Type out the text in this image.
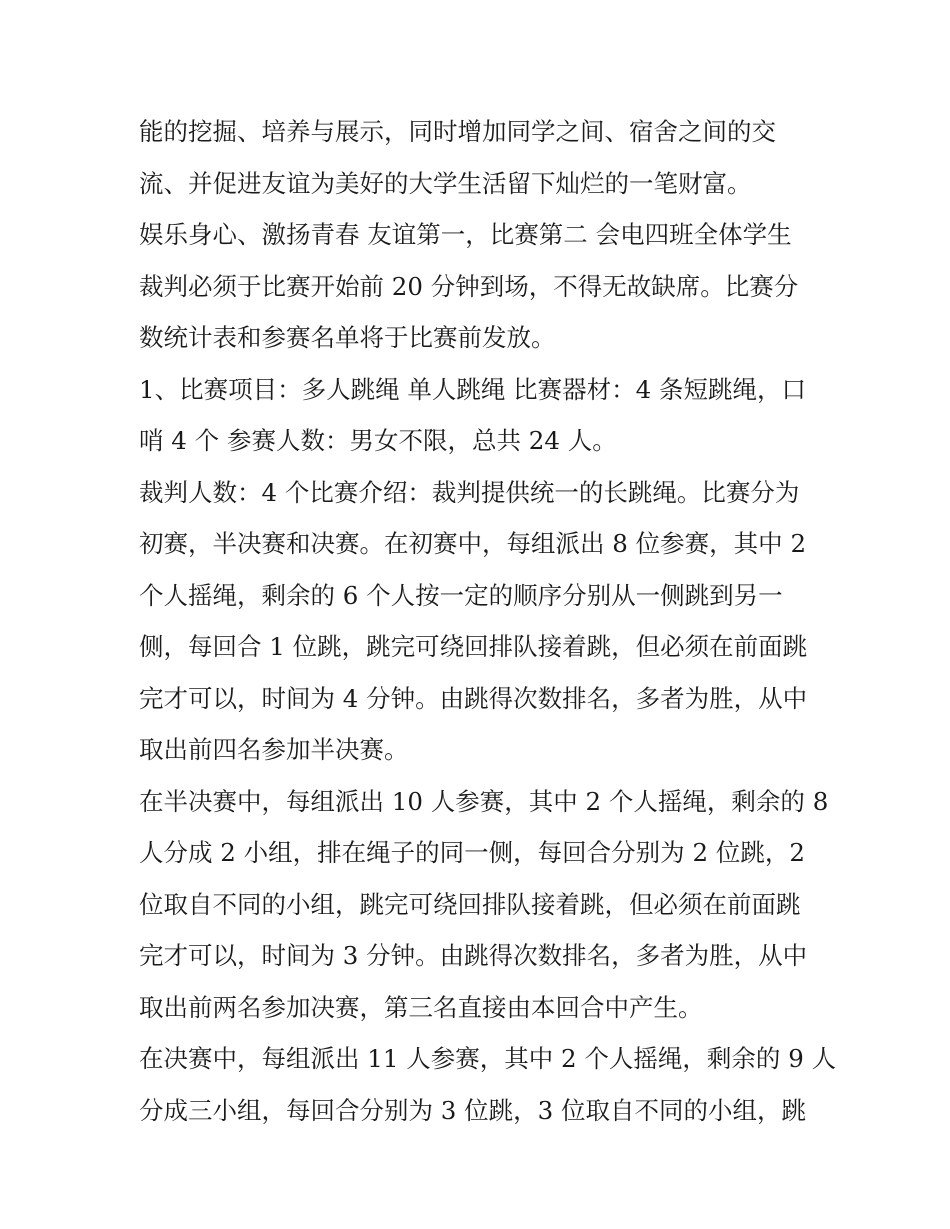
能的挖掘、培养与展示，同时增加同学之间、宿舍之间的交

流、并促进友谊为美好的大学生活留下灿烂的一笔财富。

娱乐身心、激扬青春 友谊第一，比赛第二 会电四班全体学生

裁判必须于比赛开始前 20 分钟到场，不得无故缺席。比赛分

数统计表和参赛名单将于比赛前发放。

1、比赛项目：多人跳绳 单人跳绳 比赛器材：4 条短跳绳，口

哨 4 个 参赛人数：男女不限，总共 24 人。

裁判人数：4 个比赛介绍：裁判提供统一的长跳绳。比赛分为

初赛，半决赛和决赛。在初赛中，每组派出 8 位参赛，其中 2

个人摇绳，剩余的 6 个人按一定的顺序分别从一侧跳到另一

侧，每回合 1 位跳，跳完可绕回排队接着跳，但必须在前面跳

完才可以，时间为 4 分钟。由跳得次数排名，多者为胜，从中

取出前四名参加半决赛。

在半决赛中，每组派出 10 人参赛，其中 2 个人摇绳，剩余的 8

人分成 2 小组，排在绳子的同一侧，每回合分别为 2 位跳，2

位取自不同的小组，跳完可绕回排队接着跳，但必须在前面跳

完才可以，时间为 3 分钟。由跳得次数排名，多者为胜，从中

取出前两名参加决赛，第三名直接由本回合中产生。

在决赛中，每组派出 11 人参赛，其中 2 个人摇绳，剩余的 9 人

分成三小组，每回合分别为 3 位跳，3 位取自不同的小组，跳
